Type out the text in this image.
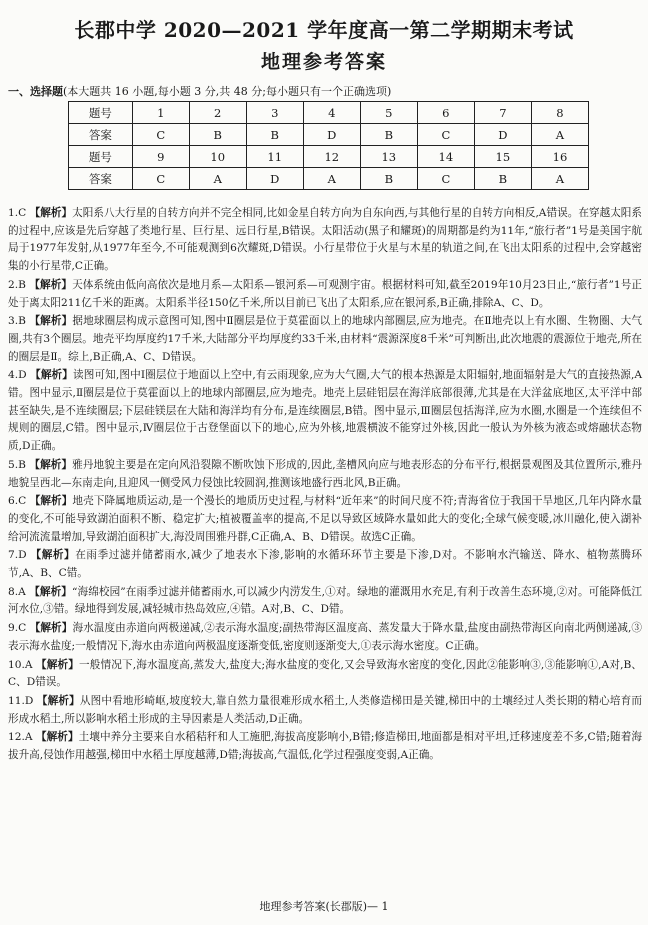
长郡中学 2020—2021 学年度高一第二学期期末考试
地理参考答案
一、选择题(本大题共 16 小题,每小题 3 分,共 48 分;每小题只有一个正确选项)
题号	1	2	3	4	5	6	7	8
答案	C	B	B	D	B	C	D	A
题号	9	10	11	12	13	14	15	16
答案	C	A	D	A	B	C	B	A
1.C 【解析】太阳系八大行星的自转方向并不完全相同,比如金星自转方向为自东向西,与其他行星的自转方向相反,A错误。在穿越太阳系的过程中,应该是先后穿越了类地行星、巨行星、远日行星,B错误。太阳活动(黑子和耀斑)的周期都是约为11年,“旅行者”1号是美国宇航局于1977年发射,从1977年至今,不可能观测到6次耀斑,D错误。小行星带位于火星与木星的轨道之间,在飞出太阳系的过程中,会穿越密集的小行星带,C正确。
2.B 【解析】天体系统由低向高依次是地月系—太阳系—银河系—可观测宇宙。根据材料可知,截至2019年10月23日止,“旅行者”1号正处于离太阳211亿千米的距离。太阳系半径150亿千米,所以目前已飞出了太阳系,应在银河系,B正确,排除A、C、D。
3.B 【解析】据地球圈层构成示意图可知,图中Ⅱ圈层是位于莫霍面以上的地球内部圈层,应为地壳。在Ⅱ地壳以上有水圈、生物圈、大气圈,共有3个圈层。地壳平均厚度约17千米,大陆部分平均厚度约33千米,由材料“震源深度8千米”可判断出,此次地震的震源位于地壳,所在的圈层是Ⅱ。综上,B正确,A、C、D错误。
4.D 【解析】读图可知,图中Ⅰ圈层位于地面以上空中,有云雨现象,应为大气圈,大气的根本热源是太阳辐射,地面辐射是大气的直接热源,A错。图中显示,Ⅱ圈层是位于莫霍面以上的地球内部圈层,应为地壳。地壳上层硅铝层在海洋底部很薄,尤其是在大洋盆底地区,太平洋中部甚至缺失,是不连续圈层;下层硅镁层在大陆和海洋均有分布,是连续圈层,B错。图中显示,Ⅲ圈层包括海洋,应为水圈,水圈是一个连续但不规则的圈层,C错。图中显示,Ⅳ圈层位于古登堡面以下的地心,应为外核,地震横波不能穿过外核,因此一般认为外核为液态或熔融状态物质,D正确。
5.B 【解析】雅丹地貌主要是在定向风沿裂隙不断吹蚀下形成的,因此,垄槽风向应与地表形态的分布平行,根据景观图及其位置所示,雅丹地貌呈西北—东南走向,且迎风一侧受风力侵蚀比较圆润,推测该地盛行西北风,B正确。
6.C 【解析】地壳下降属地质运动,是一个漫长的地质历史过程,与材料“近年来”的时间尺度不符;青海省位于我国干旱地区,几年内降水量的变化,不可能导致湖泊面积不断、稳定扩大;植被覆盖率的提高,不足以导致区域降水量如此大的变化;全球气候变暖,冰川融化,使入湖补给河流流量增加,导致湖泊面积扩大,海没周围雅丹群,C正确,A、B、D错误。故选C正确。
7.D 【解析】在雨季过滤并储蓄雨水,减少了地表水下渗,影响的水循环环节主要是下渗,D对。不影响水汽输送、降水、植物蒸腾环节,A、B、C错。
8.A 【解析】“海绵校园”在雨季过滤并储蓄雨水,可以减少内涝发生,①对。绿地的灌溉用水充足,有利于改善生态环境,②对。可能降低江河水位,③错。绿地得到发展,减轻城市热岛效应,④错。A对,B、C、D错。
9.C 【解析】海水温度由赤道向两极递减,②表示海水温度;副热带海区温度高、蒸发量大于降水量,盐度由副热带海区向南北两侧递减,③表示海水盐度;一般情况下,海水由赤道向两极温度逐渐变低,密度则逐渐变大,①表示海水密度。C正确。
10.A 【解析】一般情况下,海水温度高,蒸发大,盐度大;海水盐度的变化,又会导致海水密度的变化,因此②能影响③,③能影响①,A对,B、C、D错误。
11.D 【解析】从图中看地形崎岖,坡度较大,靠自然力量很难形成水稻土,人类修造梯田是关键,梯田中的土壤经过人类长期的精心培育而形成水稻土,所以影响水稻土形成的主导因素是人类活动,D正确。
12.A 【解析】土壤中养分主要来自水稻秸秆和人工施肥,海拔高度影响小,B错;修造梯田,地面都是相对平坦,迁移速度差不多,C错;随着海拔升高,侵蚀作用越强,梯田中水稻土厚度越薄,D错;海拔高,气温低,化学过程强度变弱,A正确。
地理参考答案(长郡版)— 1
